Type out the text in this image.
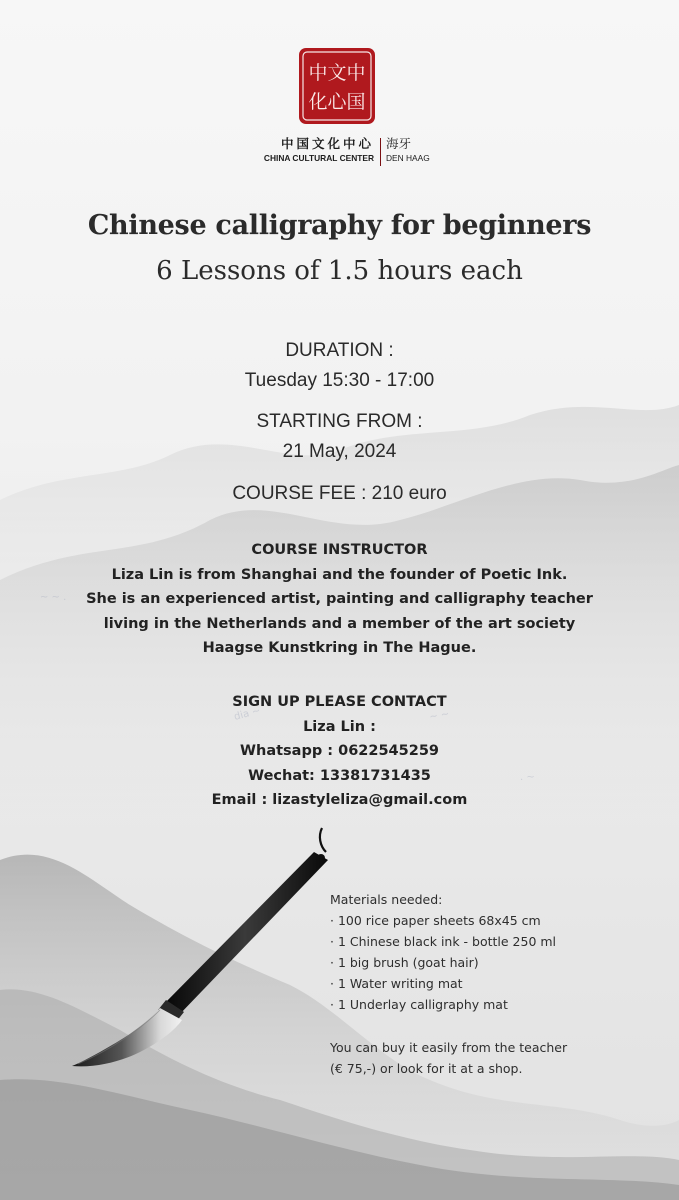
~ ~ .
dia ~	~ ~
. ~
中 文 中
化 心 国
中国文化中心
CHINA CULTURAL CENTER
海牙
DEN HAAG
Chinese calligraphy for beginners
6 Lessons of 1.5 hours each
DURATION :
Tuesday 15:30 - 17:00
STARTING FROM :
21 May, 2024
COURSE FEE : 210 euro
COURSE INSTRUCTOR
Liza Lin is from Shanghai and the founder of Poetic Ink.
She is an experienced artist, painting and calligraphy teacher
living in the Netherlands and a member of the art society
Haagse Kunstkring in The Hague.
SIGN UP PLEASE CONTACT
Liza Lin :
Whatsapp : 0622545259
Wechat: 13381731435
Email : lizastyleliza@gmail.com
Materials needed:
· 100 rice paper sheets 68x45 cm
· 1 Chinese black ink - bottle 250 ml
· 1 big brush (goat hair)
· 1 Water writing mat
· 1 Underlay calligraphy mat
You can buy it easily from the teacher
(€ 75,-) or look for it at a shop.
